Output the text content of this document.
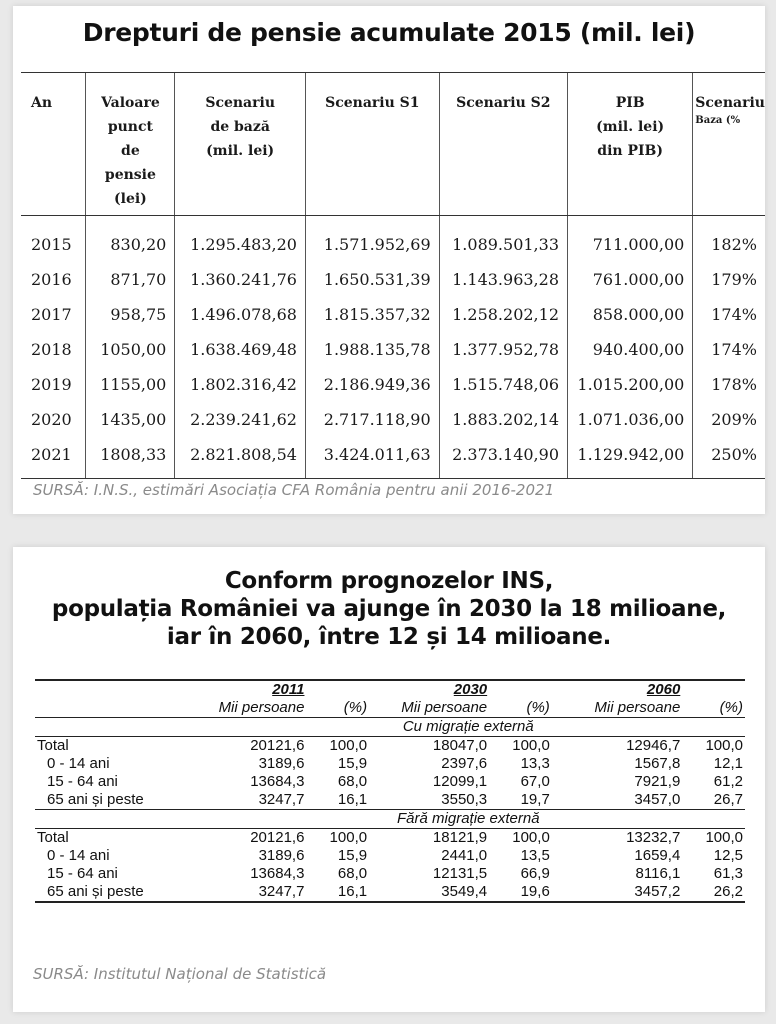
Drepturi de pensie acumulate 2015 (mil. lei)
An	Valoare
punct
de
pensie
(lei)	Scenariu
de bază
(mil. lei)	Scenariu S1	Scenariu S2	PIB
(mil. lei)
din PIB)	Scenariu
Baza (%

2015	830,20	1.295.483,20	1.571.952,69	1.089.501,33	711.000,00	182%
2016	871,70	1.360.241,76	1.650.531,39	1.143.963,28	761.000,00	179%
2017	958,75	1.496.078,68	1.815.357,32	1.258.202,12	858.000,00	174%
2018	1050,00	1.638.469,48	1.988.135,78	1.377.952,78	940.400,00	174%
2019	1155,00	1.802.316,42	2.186.949,36	1.515.748,06	1.015.200,00	178%
2020	1435,00	2.239.241,62	2.717.118,90	1.883.202,14	1.071.036,00	209%
2021	1808,33	2.821.808,54	3.424.011,63	2.373.140,90	1.129.942,00	250%
SURSĂ: I.N.S., estimări Asociația CFA România pentru anii 2016-2021
Conform prognozelor INS,
populația României va ajunge în 2030 la 18 milioane,
iar în 2060, între 12 și 14 milioane.
	2011		2030		2060	
	Mii persoane	(%)	Mii persoane	(%)	Mii persoane	(%)
	Cu migrație externă					
Total	20121,6	100,0	18047,0	100,0	12946,7	100,0
0 - 14 ani	3189,6	15,9	2397,6	13,3	1567,8	12,1
15 - 64 ani	13684,3	68,0	12099,1	67,0	7921,9	61,2
65 ani și peste	3247,7	16,1	3550,3	19,7	3457,0	26,7
	Fără migrație externă					
Total	20121,6	100,0	18121,9	100,0	13232,7	100,0
0 - 14 ani	3189,6	15,9	2441,0	13,5	1659,4	12,5
15 - 64 ani	13684,3	68,0	12131,5	66,9	8116,1	61,3
65 ani și peste	3247,7	16,1	3549,4	19,6	3457,2	26,2
SURSĂ: Institutul Național de Statistică
